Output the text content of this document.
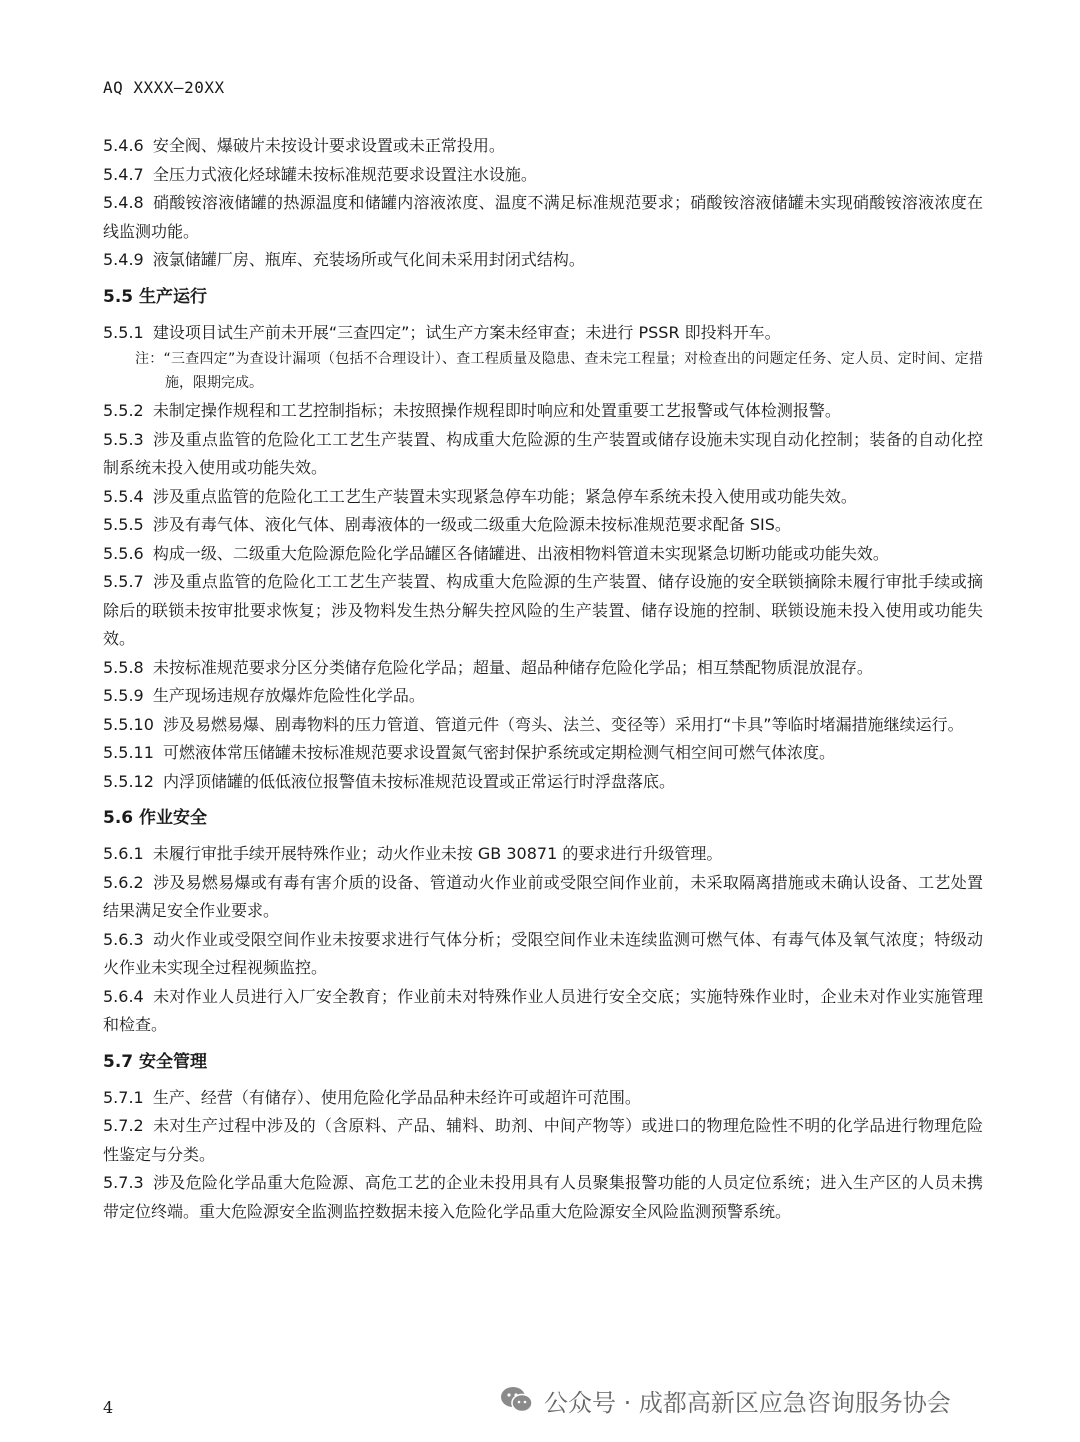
AQ XXXX—20XX

5.4.6 安全阀、爆破片未按设计要求设置或未正常投用。

5.4.7 全压力式液化烃球罐未按标准规范要求设置注水设施。

5.4.8 硝酸铵溶液储罐的热源温度和储罐内溶液浓度、温度不满足标准规范要求；硝酸铵溶液储罐未实现硝酸铵溶液浓度在线监测功能。

5.4.9 液氯储罐厂房、瓶库、充装场所或气化间未采用封闭式结构。

5.5 生产运行

5.5.1 建设项目试生产前未开展“三查四定”；试生产方案未经审查；未进行 PSSR 即投料开车。

注：“三查四定”为查设计漏项（包括不合理设计）、查工程质量及隐患、查未完工程量；对检查出的问题定任务、定人员、定时间、定措施，限期完成。

5.5.2 未制定操作规程和工艺控制指标；未按照操作规程即时响应和处置重要工艺报警或气体检测报警。

5.5.3 涉及重点监管的危险化工工艺生产装置、构成重大危险源的生产装置或储存设施未实现自动化控制；装备的自动化控制系统未投入使用或功能失效。

5.5.4 涉及重点监管的危险化工工艺生产装置未实现紧急停车功能；紧急停车系统未投入使用或功能失效。

5.5.5 涉及有毒气体、液化气体、剧毒液体的一级或二级重大危险源未按标准规范要求配备 SIS。

5.5.6 构成一级、二级重大危险源危险化学品罐区各储罐进、出液相物料管道未实现紧急切断功能或功能失效。

5.5.7 涉及重点监管的危险化工工艺生产装置、构成重大危险源的生产装置、储存设施的安全联锁摘除未履行审批手续或摘除后的联锁未按审批要求恢复；涉及物料发生热分解失控风险的生产装置、储存设施的控制、联锁设施未投入使用或功能失效。

5.5.8 未按标准规范要求分区分类储存危险化学品；超量、超品种储存危险化学品；相互禁配物质混放混存。

5.5.9 生产现场违规存放爆炸危险性化学品。

5.5.10 涉及易燃易爆、剧毒物料的压力管道、管道元件（弯头、法兰、变径等）采用打“卡具”等临时堵漏措施继续运行。

5.5.11 可燃液体常压储罐未按标准规范要求设置氮气密封保护系统或定期检测气相空间可燃气体浓度。

5.5.12 内浮顶储罐的低低液位报警值未按标准规范设置或正常运行时浮盘落底。

5.6 作业安全

5.6.1 未履行审批手续开展特殊作业；动火作业未按 GB 30871 的要求进行升级管理。

5.6.2 涉及易燃易爆或有毒有害介质的设备、管道动火作业前或受限空间作业前，未采取隔离措施或未确认设备、工艺处置结果满足安全作业要求。

5.6.3 动火作业或受限空间作业未按要求进行气体分析；受限空间作业未连续监测可燃气体、有毒气体及氧气浓度；特级动火作业未实现全过程视频监控。

5.6.4 未对作业人员进行入厂安全教育；作业前未对特殊作业人员进行安全交底；实施特殊作业时，企业未对作业实施管理和检查。

5.7 安全管理

5.7.1 生产、经营（有储存）、使用危险化学品品种未经许可或超许可范围。

5.7.2 未对生产过程中涉及的（含原料、产品、辅料、助剂、中间产物等）或进口的物理危险性不明的化学品进行物理危险性鉴定与分类。

5.7.3 涉及危险化学品重大危险源、高危工艺的企业未投用具有人员聚集报警功能的人员定位系统；进入生产区的人员未携带定位终端。重大危险源安全监测监控数据未接入危险化学品重大危险源安全风险监测预警系统。

4	公众号 · 成都高新区应急咨询服务协会
